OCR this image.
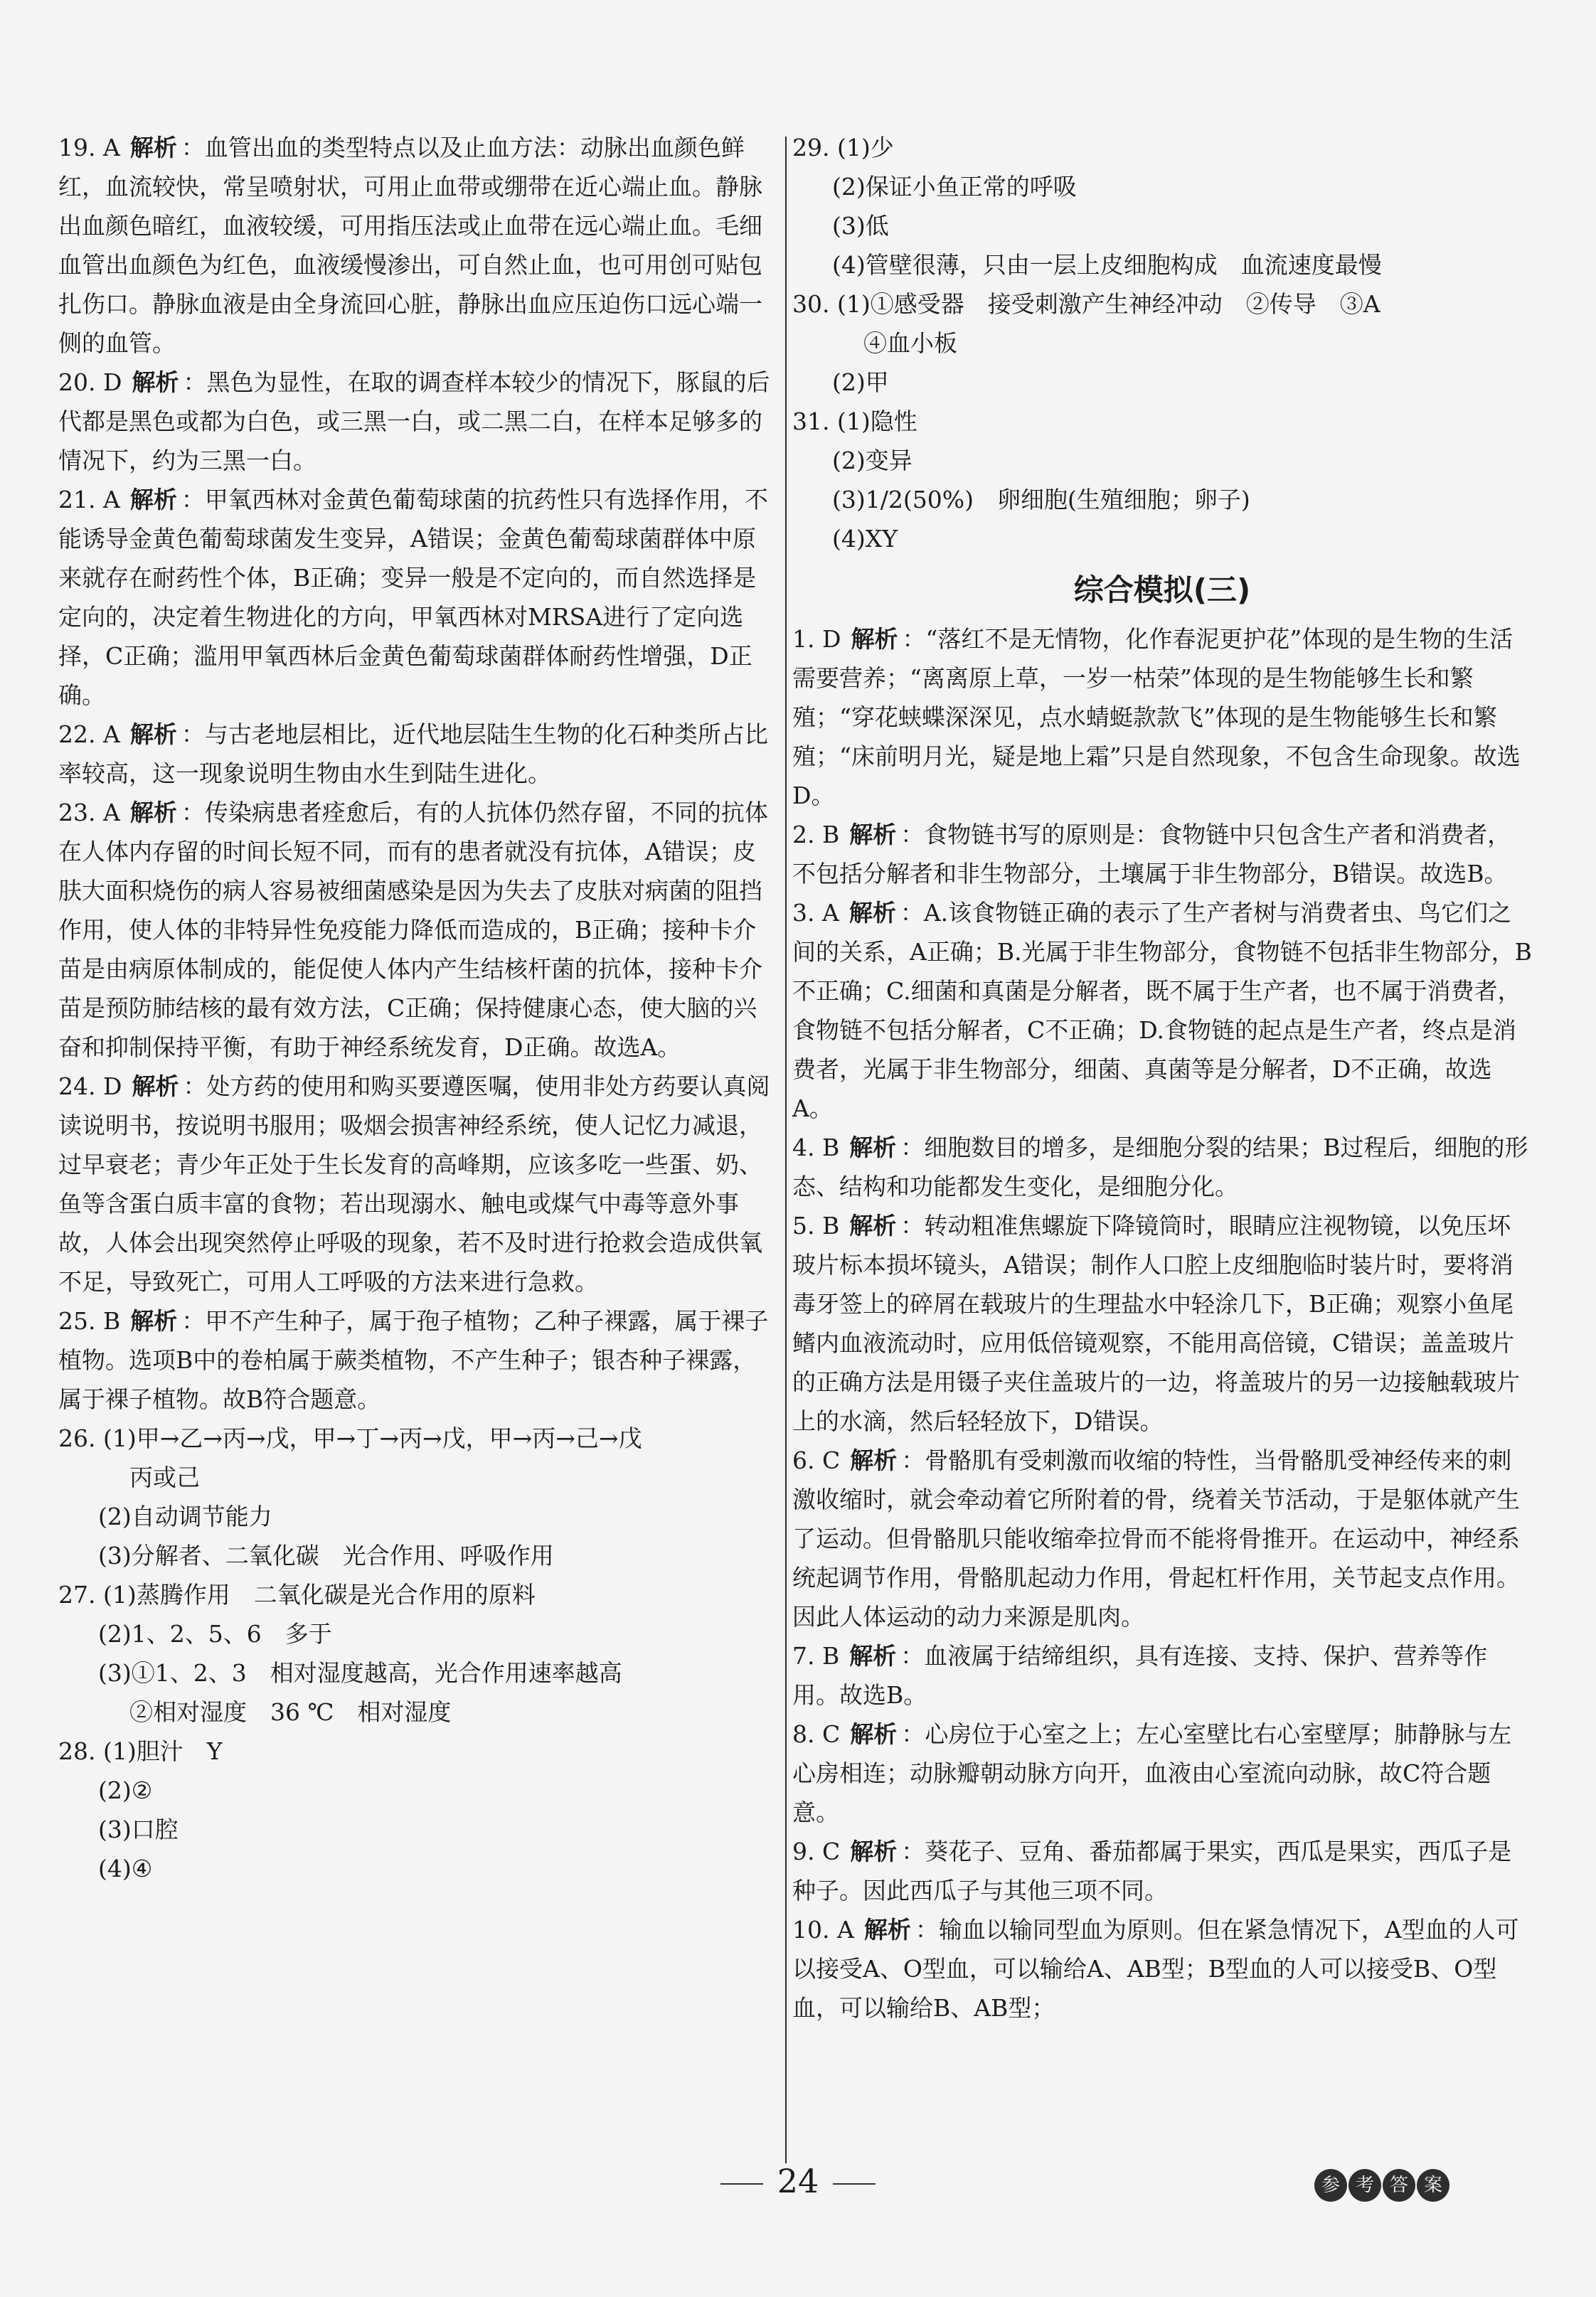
19. A 解析 ：血管出血的类型特点以及止血方法：动脉出血颜色鲜红，血流较快，常呈喷射状，可用止血带或绷带在近心端止血。静脉出血颜色暗红，血液较缓，可用指压法或止血带在远心端止血。毛细血管出血颜色为红色，血液缓慢渗出，可自然止血，也可用创可贴包扎伤口。静脉血液是由全身流回心脏，静脉出血应压迫伤口远心端一侧的血管。

20. D 解析 ：黑色为显性，在取的调查样本较少的情况下，豚鼠的后代都是黑色或都为白色，或三黑一白，或二黑二白，在样本足够多的情况下，约为三黑一白。

21. A 解析 ：甲氧西林对金黄色葡萄球菌的抗药性只有选择作用，不能诱导金黄色葡萄球菌发生变异，A错误；金黄色葡萄球菌群体中原来就存在耐药性个体，B正确；变异一般是不定向的，而自然选择是定向的，决定着生物进化的方向，甲氧西林对MRSA进行了定向选择，C正确；滥用甲氧西林后金黄色葡萄球菌群体耐药性增强，D正确。

22. A 解析 ：与古老地层相比，近代地层陆生生物的化石种类所占比率较高，这一现象说明生物由水生到陆生进化。

23. A 解析 ：传染病患者痊愈后，有的人抗体仍然存留，不同的抗体在人体内存留的时间长短不同，而有的患者就没有抗体，A错误；皮肤大面积烧伤的病人容易被细菌感染是因为失去了皮肤对病菌的阻挡作用，使人体的非特异性免疫能力降低而造成的，B正确；接种卡介苗是由病原体制成的，能促使人体内产生结核杆菌的抗体，接种卡介苗是预防肺结核的最有效方法，C正确；保持健康心态，使大脑的兴奋和抑制保持平衡，有助于神经系统发育，D正确。故选A。

24. D 解析 ：处方药的使用和购买要遵医嘱，使用非处方药要认真阅读说明书，按说明书服用；吸烟会损害神经系统，使人记忆力减退，过早衰老；青少年正处于生长发育的高峰期，应该多吃一些蛋、奶、鱼等含蛋白质丰富的食物；若出现溺水、触电或煤气中毒等意外事故，人体会出现突然停止呼吸的现象，若不及时进行抢救会造成供氧不足，导致死亡，可用人工呼吸的方法来进行急救。

25. B 解析 ：甲不产生种子，属于孢子植物；乙种子裸露，属于裸子植物。选项B中的卷柏属于蕨类植物，不产生种子；银杏种子裸露，属于裸子植物。故B符合题意。

26. (1)甲→乙→丙→戊，甲→丁→丙→戊，甲→丙→己→戊

丙或己

(2)自动调节能力

(3)分解者、二氧化碳　光合作用、呼吸作用

27. (1)蒸腾作用　二氧化碳是光合作用的原料

(2)1、2、5、6　多于

(3)①1、2、3　相对湿度越高，光合作用速率越高

②相对湿度　36 ℃　相对湿度

28. (1)胆汁　Y

(2)②

(3)口腔

(4)④

29. (1)少

(2)保证小鱼正常的呼吸

(3)低

(4)管壁很薄，只由一层上皮细胞构成　血流速度最慢

30. (1)①感受器　接受刺激产生神经冲动　②传导　③A

④血小板

(2)甲

31. (1)隐性

(2)变异

(3)1/2(50%)　卵细胞(生殖细胞；卵子)

(4)XY

综合模拟(三)

1. D 解析 ：“落红不是无情物，化作春泥更护花”体现的是生物的生活需要营养；“离离原上草，一岁一枯荣”体现的是生物能够生长和繁殖；“穿花蛱蝶深深见，点水蜻蜓款款飞”体现的是生物能够生长和繁殖；“床前明月光，疑是地上霜”只是自然现象，不包含生命现象。故选D。

2. B 解析 ：食物链书写的原则是：食物链中只包含生产者和消费者，不包括分解者和非生物部分，土壤属于非生物部分，B错误。故选B。

3. A 解析 ：A.该食物链正确的表示了生产者树与消费者虫、鸟它们之间的关系，A正确；B.光属于非生物部分，食物链不包括非生物部分，B不正确；C.细菌和真菌是分解者，既不属于生产者，也不属于消费者，食物链不包括分解者，C不正确；D.食物链的起点是生产者，终点是消费者，光属于非生物部分，细菌、真菌等是分解者，D不正确，故选A。

4. B 解析 ：细胞数目的增多，是细胞分裂的结果；B过程后，细胞的形态、结构和功能都发生变化，是细胞分化。

5. B 解析 ：转动粗准焦螺旋下降镜筒时，眼睛应注视物镜，以免压坏玻片标本损坏镜头，A错误；制作人口腔上皮细胞临时装片时，要将消毒牙签上的碎屑在载玻片的生理盐水中轻涂几下，B正确；观察小鱼尾鳍内血液流动时，应用低倍镜观察，不能用高倍镜，C错误；盖盖玻片的正确方法是用镊子夹住盖玻片的一边，将盖玻片的另一边接触载玻片上的水滴，然后轻轻放下，D错误。

6. C 解析 ：骨骼肌有受刺激而收缩的特性，当骨骼肌受神经传来的刺激收缩时，就会牵动着它所附着的骨，绕着关节活动，于是躯体就产生了运动。但骨骼肌只能收缩牵拉骨而不能将骨推开。在运动中，神经系统起调节作用，骨骼肌起动力作用，骨起杠杆作用，关节起支点作用。因此人体运动的动力来源是肌肉。

7. B 解析 ：血液属于结缔组织，具有连接、支持、保护、营养等作用。故选B。

8. C 解析 ：心房位于心室之上；左心室壁比右心室壁厚；肺静脉与左心房相连；动脉瓣朝动脉方向开，血液由心室流向动脉，故C符合题意。

9. C 解析 ：葵花子、豆角、番茄都属于果实，西瓜是果实，西瓜子是种子。因此西瓜子与其他三项不同。

10. A 解析 ：输血以输同型血为原则。但在紧急情况下，A型血的人可以接受A、O型血，可以输给A、AB型；B型血的人可以接受B、O型血，可以输给B、AB型；

24	参 考 答 案
